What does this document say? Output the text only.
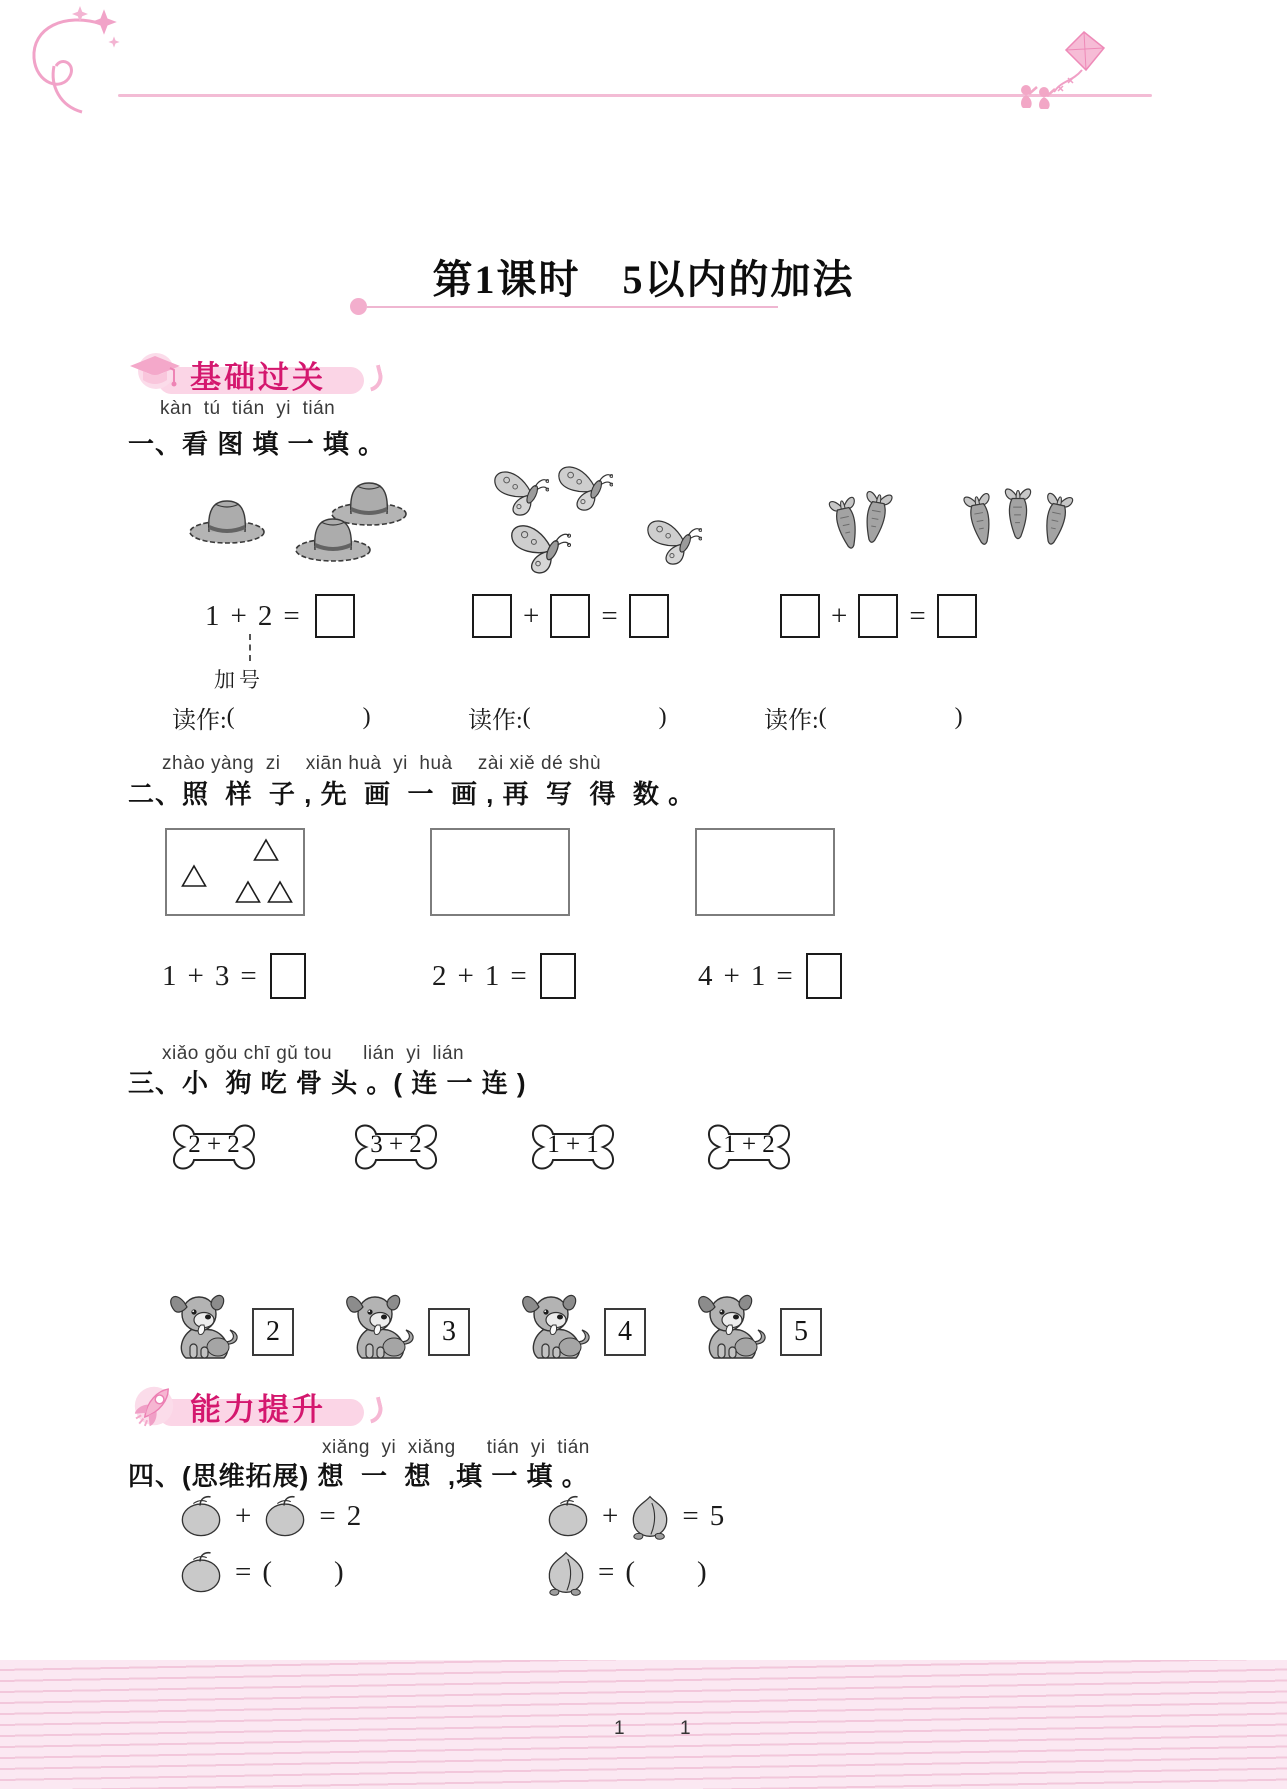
第1课时　5以内的加法
基础过关
kàn  tú  tián  yi  tián
一、看 图 填 一 填 。
1 + 2 =
加号
+ =	+ =
读作: (	)	读作: (	)	读作: (	)
zhào yàng  zi　 xiān huà  yi  huà　 zài xiě dé shù
二、照  样  子 , 先  画  一  画 , 再  写  得  数 。
1 + 3 =	2 + 1 =	4 + 1 =
xiǎo gǒu chī gǔ tou　  lián  yi  lián
三、小  狗 吃 骨 头 。( 连 一 连 )
2 + 2	3 + 2	1 + 1	1 + 2
2	3	4	5
能力提升
xiǎng  yi  xiǎng　  tián  yi  tián
四、(思维拓展) 想  一  想  ,填 一 填 。
+ = 2	+ = 5
= ( )	= ( )
1	1
